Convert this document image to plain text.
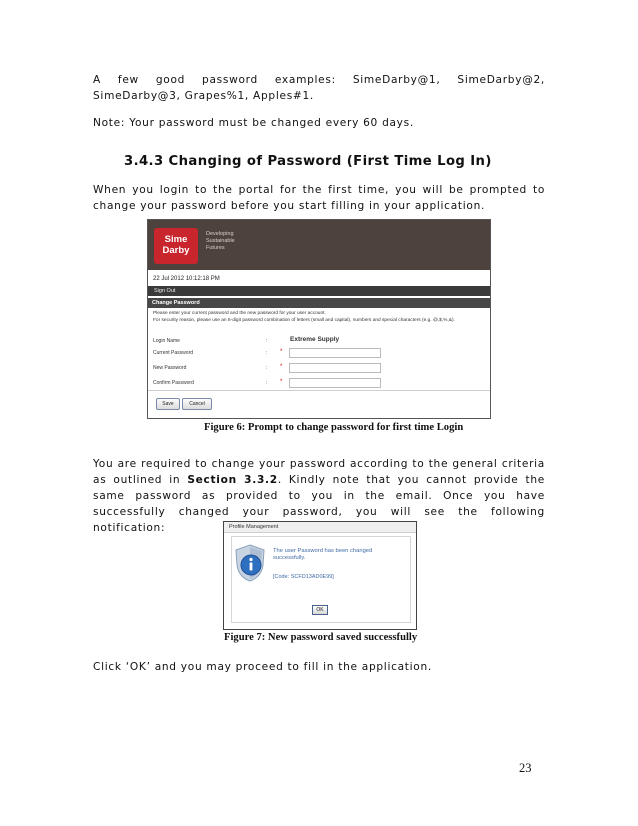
A few good password examples: SimeDarby@1, SimeDarby@2, SimeDarby@3, Grapes%1, Apples#1.

Note: Your password must be changed every 60 days.

3.4.3 Changing of Password (First Time Log In)

When you login to the portal for the first time, you will be prompted to change your password before you start filling in your application.

Sime
Darby
Developing
Sustainable
Futures
22 Jul 2012 10:12:18 PM
Sign Out
Change Password
Please enter your current password and the new password for your user account.
For security reason, please use an 8-digit password combination of letters (small and capital), numbers and special characters (e.g. @,$,%,&).
Login Name	:	Extreme Supply
Current Password	: *
New Password	: *
Confirm Password	: *
Save	Cancel
Figure 6: Prompt to change password for first time Login

You are required to change your password according to the general criteria as outlined in Section 3.3.2. Kindly note that you cannot provide the same password as provided to you in the email. Once you have successfully changed your password, you will see the following notification:	Profile Management
The user Password has been changed
successfully.
[Code: SCFD13AD0E99]
OK
Figure 7: New password saved successfully

Click ‘OK’ and you may proceed to fill in the application.

23
